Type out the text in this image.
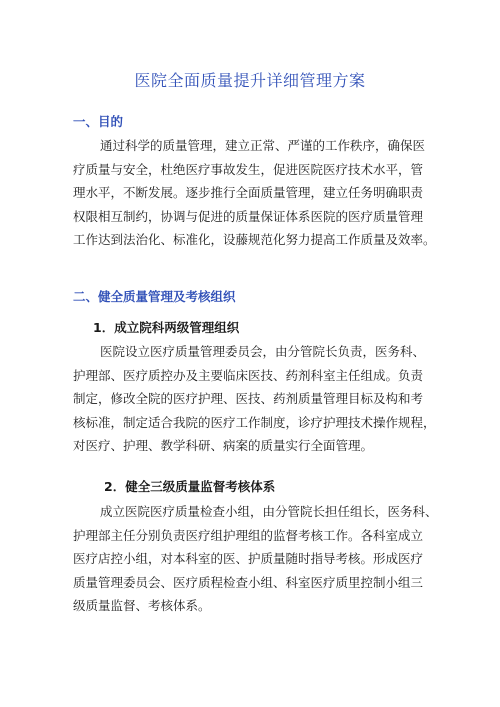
医院全面质量提升详细管理方案
一、目的
通过科学的质量管理，建立正常、严谨的工作秩序，确保医
疗质量与安全，杜绝医疗事故发生，促进医院医疗技术水平，管
理水平，不断发展。逐步推行全面质量管理，建立任务明确职责
权限相互制约，协调与促进的质量保证体系医院的医疗质量管理
工作达到法治化、标准化，设藤规范化努力提高工作质量及效率。
二、健全质量管理及考核组织
1．成立院科两级管理组织
医院设立医疗质量管理委员会，由分管院长负责，医务科、
护理部、医疗质控办及主要临床医技、药剂科室主任组成。负责
制定，修改全院的医疗护理、医技、药剂质量管理目标及构和考
核标准，制定适合我院的医疗工作制度，诊疗护理技术操作规程，
对医疗、护理、教学科研、病案的质量实行全面管理。
2．健全三级质量监督考核体系
成立医院医疗质量检查小组，由分管院长担任组长，医务科、
护理部主任分别负责医疗组护理组的监督考核工作。各科室成立
医疗店控小组，对本科室的医、护质量随时指导考核。形成医疗
质量管理委员会、医疗质程检查小组、科室医疗质里控制小组三
级质量监督、考核体系。
